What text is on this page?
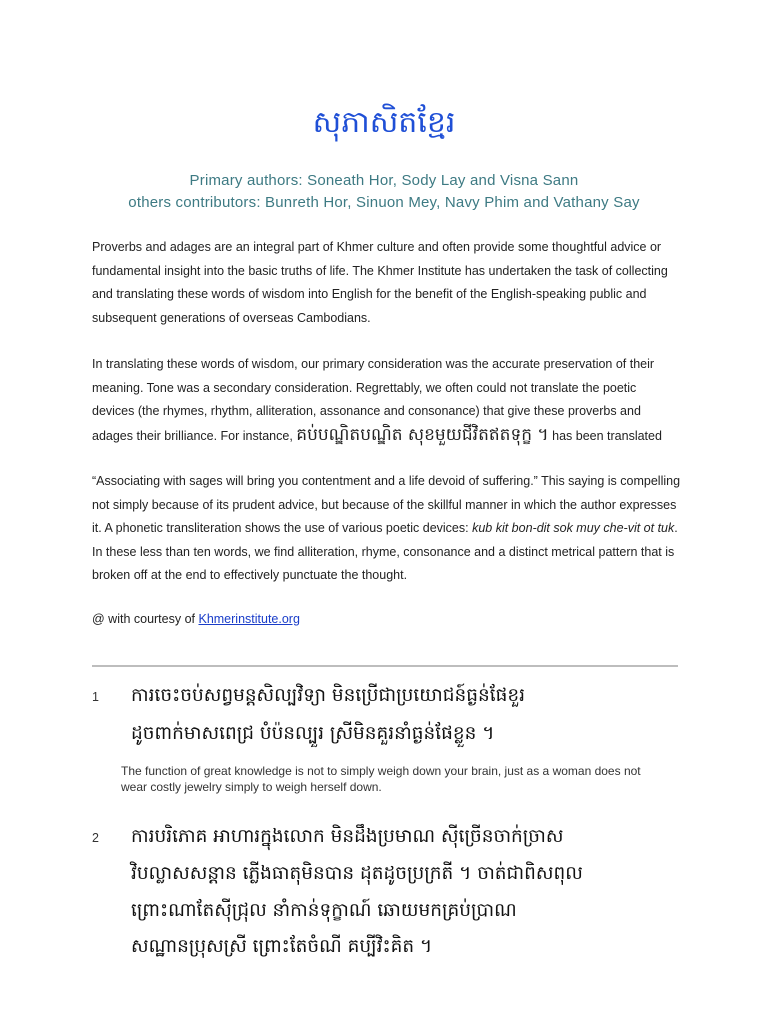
សុភាសិតខ្មែរ
Primary authors: Soneath Hor, Sody Lay and Visna Sann
others contributors: Bunreth Hor, Sinuon Mey, Navy Phim and Vathany Say
Proverbs and adages are an integral part of Khmer culture and often provide some thoughtful advice or fundamental insight into the basic truths of life. The Khmer Institute has undertaken the task of collecting and translating these words of wisdom into English for the benefit of the English-speaking public and subsequent generations of overseas Cambodians.
In translating these words of wisdom, our primary consideration was the accurate preservation of their meaning. Tone was a secondary consideration. Regrettably, we often could not translate the poetic devices (the rhymes, rhythm, alliteration, assonance and consonance) that give these proverbs and adages their brilliance. For instance, គប់បណ្ឌិតបណ្ឌិត សុខមួយជីវិតឥតទុក្ខ ។ has been translated
“Associating with sages will bring you contentment and a life devoid of suffering.” This saying is compelling not simply because of its prudent advice, but because of the skillful manner in which the author expresses it. A phonetic transliteration shows the use of various poetic devices: kub kit bon-dit sok muy che-vit ot tuk. In these less than ten words, we find alliteration, rhyme, consonance and a distinct metrical pattern that is broken off at the end to effectively punctuate the thought.
@ with courtesy of Khmerinstitute.org
1 ការចេះចប់សព្វមន្តសិល្បវិទ្យា មិនប្រើជាប្រយោជន៍ធ្ងន់ផែខួរ
ដូចពាក់មាសពេជ្រ បំប៉នល្បួរ ស្រីមិនគួរនាំធ្ងន់ផែខ្លួន ។
The function of great knowledge is not to simply weigh down your brain, just as a woman does not wear costly jewelry simply to weigh herself down.
2 ការបរិភោគ អាហារក្នុងលោក មិនដឹងប្រមាណ ស៊ីច្រើនចាក់ច្រាស
វិបល្លាសសន្តាន ភ្លើងធាតុមិនបាន ដុតដូចប្រក្រតី ។ ចាត់ជាពិសពុល
ព្រោះណាតែស៊ីជ្រុល នាំកាន់ទុក្ខាណ៍ ឆោយមកគ្រប់ប្រាណ
សណ្ឋានប្រុសស្រី ព្រោះតែចំណី គប្បីវិះគិត ។
